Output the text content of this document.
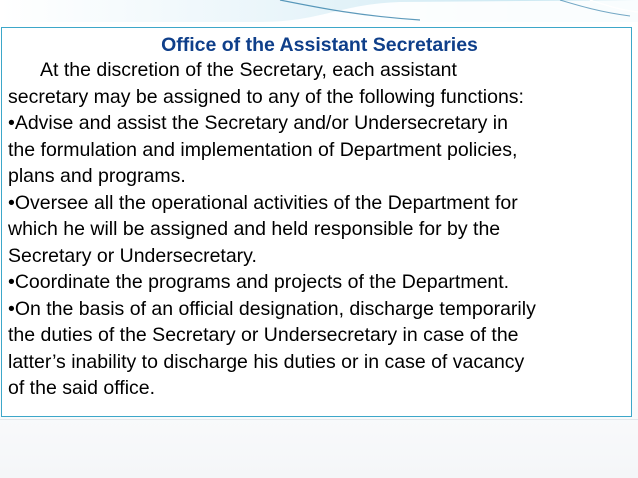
Office of the Assistant Secretaries

At the discretion of the Secretary, each assistant

secretary may be assigned to any of the following functions:

•Advise and assist the Secretary and/or Undersecretary in

the formulation and implementation of Department policies,

plans and programs.

•Oversee all the operational activities of the Department for

which he will be assigned and held responsible for by the

Secretary or Undersecretary.

•Coordinate the programs and projects of the Department.

•On the basis of an official designation, discharge temporarily

the duties of the Secretary or Undersecretary in case of the

latter’s inability to discharge his duties or in case of vacancy

of the said office.
